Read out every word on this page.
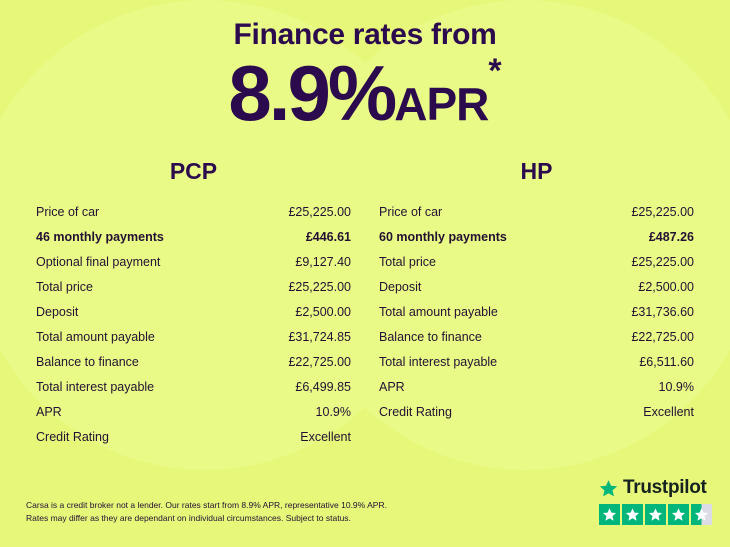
Finance rates from
8.9%APR*
PCP
Price of car	£25,225.00
46 monthly payments	£446.61
Optional final payment	£9,127.40
Total price	£25,225.00
Deposit	£2,500.00
Total amount payable	£31,724.85
Balance to finance	£22,725.00
Total interest payable	£6,499.85
APR	10.9%
Credit Rating	Excellent
HP
Price of car	£25,225.00
60 monthly payments	£487.26
Total price	£25,225.00
Deposit	£2,500.00
Total amount payable	£31,736.60
Balance to finance	£22,725.00
Total interest payable	£6,511.60
APR	10.9%
Credit Rating	Excellent
Carsa is a credit broker not a lender. Our rates start from 8.9% APR, representative 10.9% APR.
Rates may differ as they are dependant on individual circumstances. Subject to status.
Trustpilot
